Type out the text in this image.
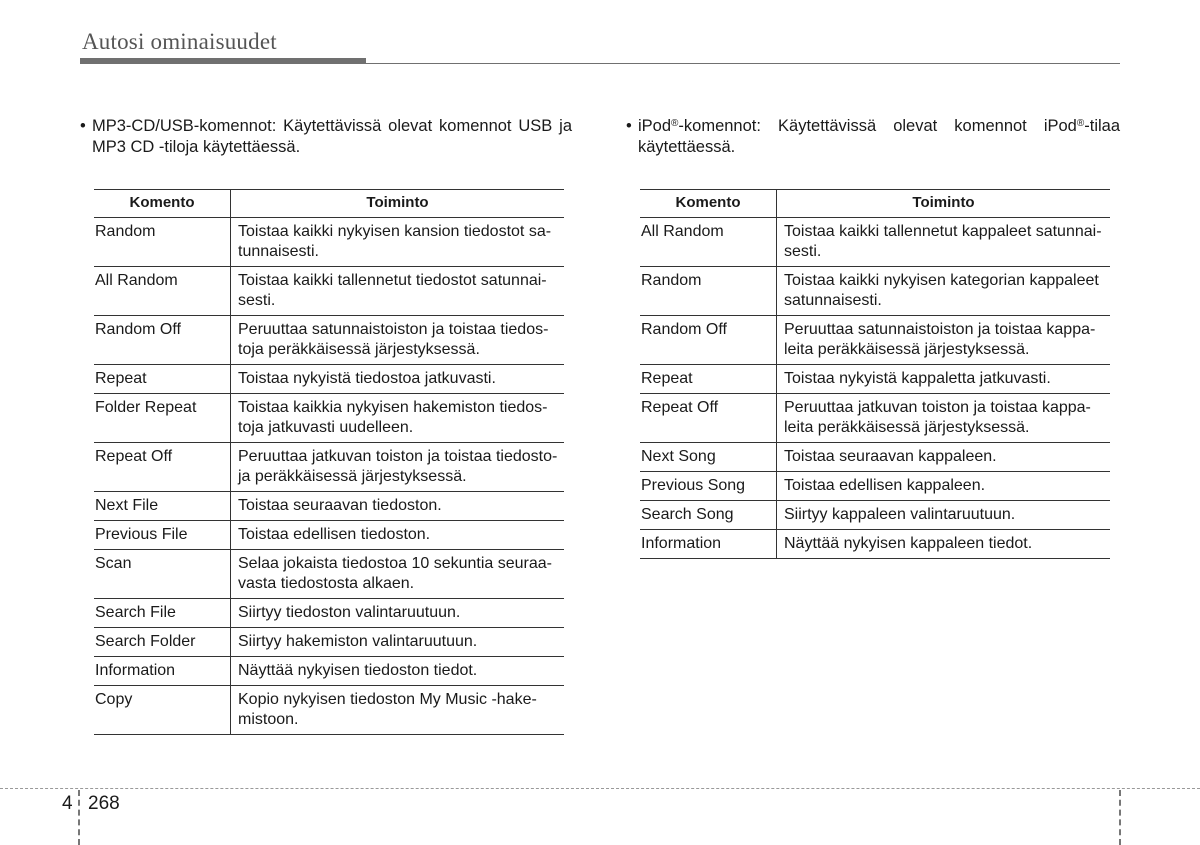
Autosi ominaisuudet

• MP3-CD/USB-komennot: Käytettävissä olevat komennot USB ja MP3 CD -tiloja käytettäessä.

Komento	Toiminto
Random	Toistaa kaikki nykyisen kansion tiedostot sa-
tunnaisesti.
All Random	Toistaa kaikki tallennetut tiedostot satunnai-
sesti.
Random Off	Peruuttaa satunnaistoiston ja toistaa tiedos-
toja peräkkäisessä järjestyksessä.
Repeat	Toistaa nykyistä tiedostoa jatkuvasti.
Folder Repeat	Toistaa kaikkia nykyisen hakemiston tiedos-
toja jatkuvasti uudelleen.
Repeat Off	Peruuttaa jatkuvan toiston ja toistaa tiedosto-
ja peräkkäisessä järjestyksessä.
Next File	Toistaa seuraavan tiedoston.
Previous File	Toistaa edellisen tiedoston.
Scan	Selaa jokaista tiedostoa 10 sekuntia seuraa-
vasta tiedostosta alkaen.
Search File	Siirtyy tiedoston valintaruutuun.
Search Folder	Siirtyy hakemiston valintaruutuun.
Information	Näyttää nykyisen tiedoston tiedot.

Copy	Kopio nykyisen tiedoston My Music -hake-
mistoon.

• iPod®-komennot: Käytettävissä olevat komennot iPod®-tilaa käytettäessä.

Komento	Toiminto
All Random	Toistaa kaikki tallennetut kappaleet satunnai-
sesti.
Random	Toistaa kaikki nykyisen kategorian kappaleet
satunnaisesti.
Random Off	Peruuttaa satunnaistoiston ja toistaa kappa-
leita peräkkäisessä järjestyksessä.
Repeat	Toistaa nykyistä kappaletta jatkuvasti.
Repeat Off	Peruuttaa jatkuvan toiston ja toistaa kappa-
leita peräkkäisessä järjestyksessä.
Next Song	Toistaa seuraavan kappaleen.
Previous Song	Toistaa edellisen kappaleen.
Search Song	Siirtyy kappaleen valintaruutuun.
Information	Näyttää nykyisen kappaleen tiedot.
4 268
